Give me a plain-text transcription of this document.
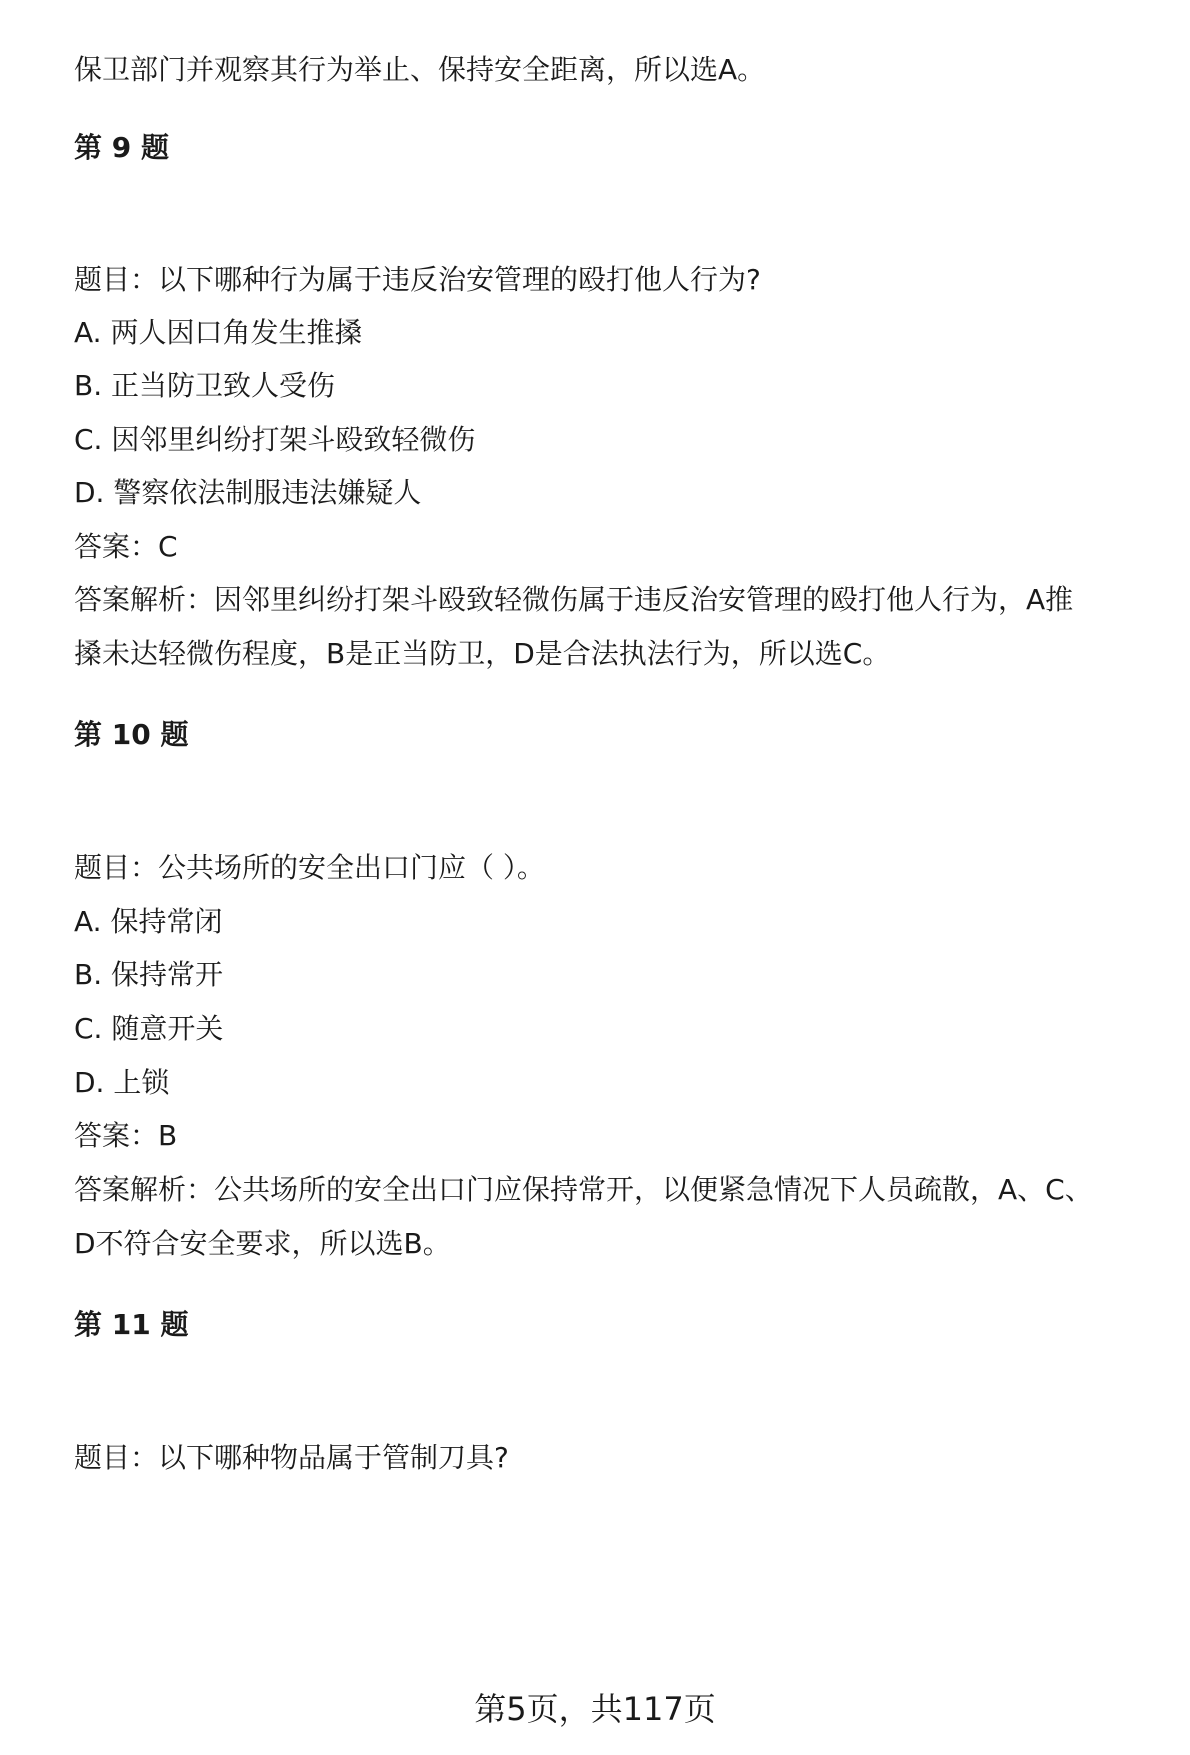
保卫部门并观察其行为举止、保持安全距离，所以选A。
第 9 题
题目：以下哪种行为属于违反治安管理的殴打他人行为?
A. 两人因口角发生推搡
B. 正当防卫致人受伤
C. 因邻里纠纷打架斗殴致轻微伤
D. 警察依法制服违法嫌疑人
答案：C
答案解析：因邻里纠纷打架斗殴致轻微伤属于违反治安管理的殴打他人行为，A推
搡未达轻微伤程度，B是正当防卫，D是合法执法行为，所以选C。
第 10 题
题目：公共场所的安全出口门应（ ）。
A. 保持常闭
B. 保持常开
C. 随意开关
D. 上锁
答案：B
答案解析：公共场所的安全出口门应保持常开，以便紧急情况下人员疏散，A、C、
D不符合安全要求，所以选B。
第 11 题
题目：以下哪种物品属于管制刀具?
第5页，共117页
